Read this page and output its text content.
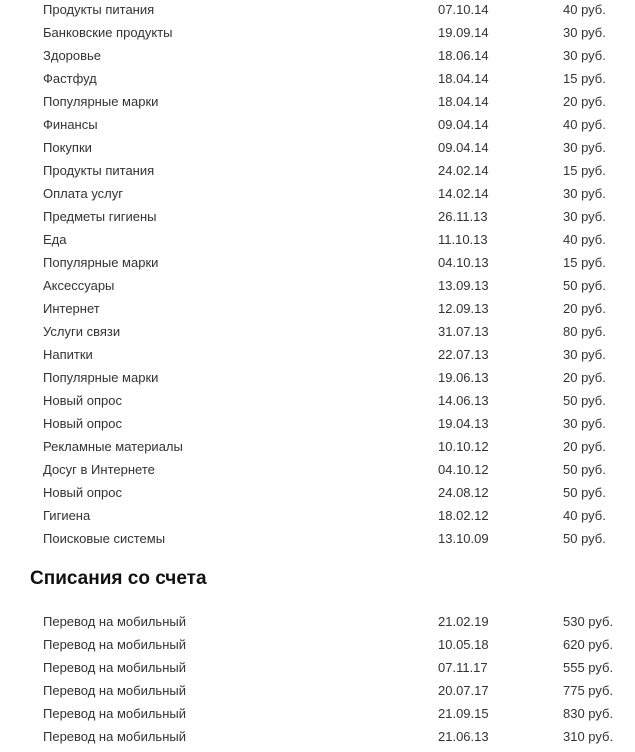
Продукты питания	07.10.14	40 руб.
Банковские продукты	19.09.14	30 руб.
Здоровье	18.06.14	30 руб.
Фастфуд	18.04.14	15 руб.
Популярные марки	18.04.14	20 руб.
Финансы	09.04.14	40 руб.
Покупки	09.04.14	30 руб.
Продукты питания	24.02.14	15 руб.
Оплата услуг	14.02.14	30 руб.
Предметы гигиены	26.11.13	30 руб.
Еда	11.10.13	40 руб.
Популярные марки	04.10.13	15 руб.
Аксессуары	13.09.13	50 руб.
Интернет	12.09.13	20 руб.
Услуги связи	31.07.13	80 руб.
Напитки	22.07.13	30 руб.
Популярные марки	19.06.13	20 руб.
Новый опрос	14.06.13	50 руб.
Новый опрос	19.04.13	30 руб.
Рекламные материалы	10.10.12	20 руб.
Досуг в Интернете	04.10.12	50 руб.
Новый опрос	24.08.12	50 руб.
Гигиена	18.02.12	40 руб.
Поисковые системы	13.10.09	50 руб.
Списания со счета
Перевод на мобильный	21.02.19	530 руб.
Перевод на мобильный	10.05.18	620 руб.
Перевод на мобильный	07.11.17	555 руб.
Перевод на мобильный	20.07.17	775 руб.
Перевод на мобильный	21.09.15	830 руб.
Перевод на мобильный	21.06.13	310 руб.
